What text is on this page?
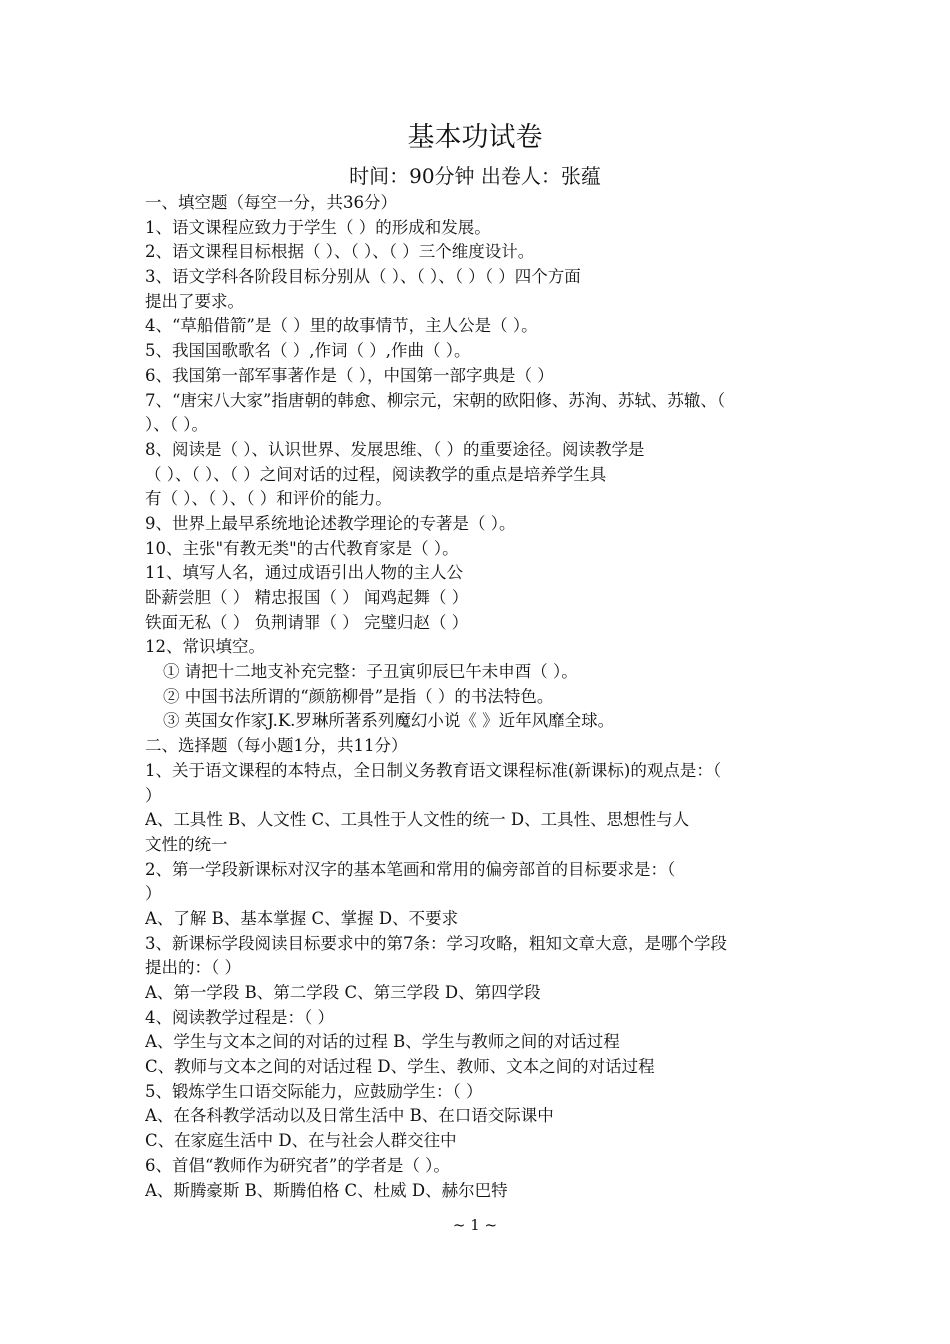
基本功试卷
时间：90分钟 出卷人：张蕴
一、填空题（每空一分，共36分）
1、语文课程应致力于学生（ ）的形成和发展。
2、语文课程目标根据（ ）、（ ）、（ ）三个维度设计。
3、语文学科各阶段目标分别从（ ）、（ ）、（ ）（ ）四个方面
提出了要求。
4、“草船借箭”是（ ）里的故事情节，主人公是（ ）。
5、我国国歌歌名（ ）,作词（ ）,作曲（ ）。
6、我国第一部军事著作是（ ），中国第一部字典是（ ）
7、“唐宋八大家”指唐朝的韩愈、柳宗元，宋朝的欧阳修、苏洵、苏轼、苏辙、（
）、（ ）。
8、阅读是（ ）、认识世界、发展思维、（ ）的重要途径。阅读教学是
（ ）、（ ）、（ ）之间对话的过程，阅读教学的重点是培养学生具
有（ ）、（ ）、（ ）和评价的能力。
9、世界上最早系统地论述教学理论的专著是（ ）。
10、主张"有教无类"的古代教育家是（ ）。
11、填写人名，通过成语引出人物的主人公
卧薪尝胆（ ） 精忠报国（ ） 闻鸡起舞（ ）
铁面无私（ ） 负荆请罪（ ） 完璧归赵（ ）
12、常识填空。
① 请把十二地支补充完整：子丑寅卯辰巳午未申酉（ ）。
② 中国书法所谓的“颜筋柳骨”是指（ ）的书法特色。
③ 英国女作家J.K.罗琳所著系列魔幻小说《 》近年风靡全球。
二、选择题（每小题1分，共11分）
1、关于语文课程的本特点，全日制义务教育语文课程标准(新课标)的观点是：（
）
A、工具性 B、人文性 C、工具性于人文性的统一 D、工具性、思想性与人
文性的统一
2、第一学段新课标对汉字的基本笔画和常用的偏旁部首的目标要求是：（
）
A、了解 B、基本掌握 C、掌握 D、不要求
3、新课标学段阅读目标要求中的第7条：学习攻略，粗知文章大意，是哪个学段
提出的：（ ）
A、第一学段 B、第二学段 C、第三学段 D、第四学段
4、阅读教学过程是：（ ）
A、学生与文本之间的对话的过程 B、学生与教师之间的对话过程
C、教师与文本之间的对话过程 D、学生、教师、文本之间的对话过程
5、锻炼学生口语交际能力，应鼓励学生：（ ）
A、在各科教学活动以及日常生活中 B、在口语交际课中
C、在家庭生活中 D、在与社会人群交往中
6、首倡“教师作为研究者”的学者是（ ）。
A、斯腾豪斯 B、斯腾伯格 C、杜威 D、赫尔巴特
~ 1 ~
